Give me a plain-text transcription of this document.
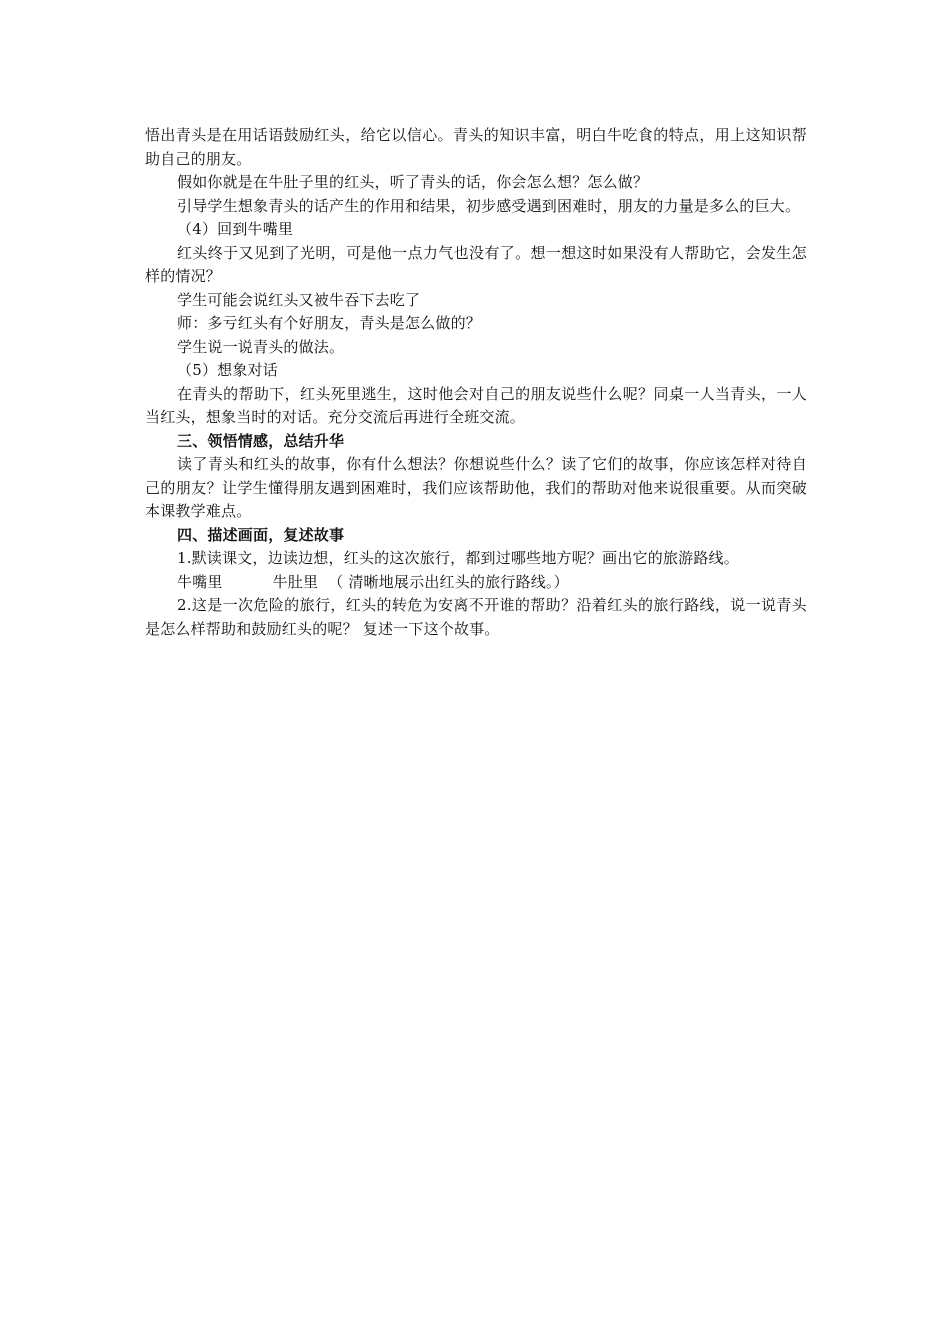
悟出青头是在用话语鼓励红头，给它以信心。青头的知识丰富，明白牛吃食的特点，用上这知识帮助自己的朋友。

假如你就是在牛肚子里的红头，听了青头的话，你会怎么想？怎么做？

引导学生想象青头的话产生的作用和结果，初步感受遇到困难时，朋友的力量是多么的巨大。

（4）回到牛嘴里

红头终于又见到了光明，可是他一点力气也没有了。想一想这时如果没有人帮助它，会发生怎样的情况？

学生可能会说红头又被牛吞下去吃了

师：多亏红头有个好朋友，青头是怎么做的？

学生说一说青头的做法。

（5）想象对话

在青头的帮助下，红头死里逃生，这时他会对自己的朋友说些什么呢？同桌一人当青头，一人当红头，想象当时的对话。充分交流后再进行全班交流。

三、领悟情感，总结升华

读了青头和红头的故事，你有什么想法？你想说些什么？读了它们的故事，你应该怎样对待自己的朋友？让学生懂得朋友遇到困难时，我们应该帮助他，我们的帮助对他来说很重要。从而突破本课教学难点。

四、描述画面，复述故事

1.默读课文，边读边想，红头的这次旅行，都到过哪些地方呢？画出它的旅游路线。

牛嘴里	牛肚里 （ 清晰地展示出红头的旅行路线。）

2.这是一次危险的旅行，红头的转危为安离不开谁的帮助？沿着红头的旅行路线，说一说青头是怎么样帮助和鼓励红头的呢？ 复述一下这个故事。
